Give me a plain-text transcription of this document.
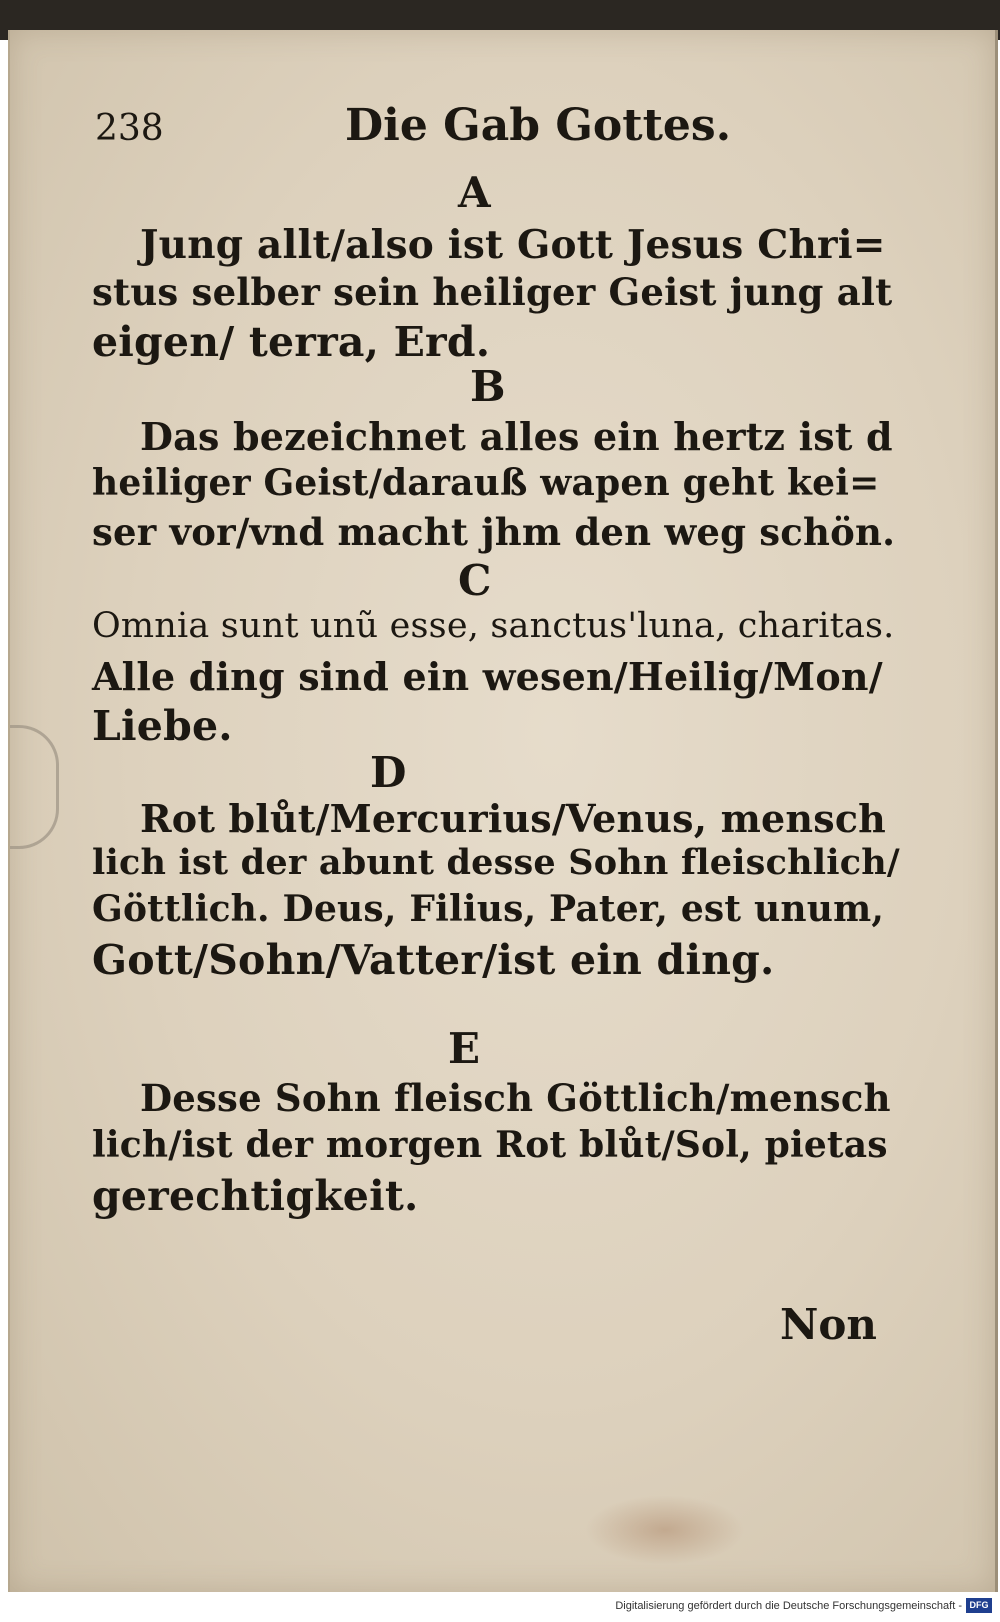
238	Die Gab Gottes.
A
Jung allt/also ist Gott Jesus Chri=
stus selber sein heiliger Geist jung alt
eigen/ terra, Erd.
B
Das bezeichnet alles ein hertz ist d
heiliger Geist/darauß wapen geht kei=
ser vor/vnd macht jhm den weg schön.
C
Omnia sunt unũ esse, sanctus'luna, charitas.
Alle ding sind ein wesen/Heilig/Mon/
Liebe.
D
Rot blůt/Mercurius/Venus, mensch
lich ist der abunt desse Sohn fleischlich/
Göttlich. Deus, Filius, Pater, est unum,
Gott/Sohn/Vatter/ist ein ding.
E
Desse Sohn fleisch Göttlich/mensch
lich/ist der morgen Rot blůt/Sol, pietas
gerechtigkeit.
Non
Digitalisierung gefördert durch die Deutsche Forschungsgemeinschaft - DFG
